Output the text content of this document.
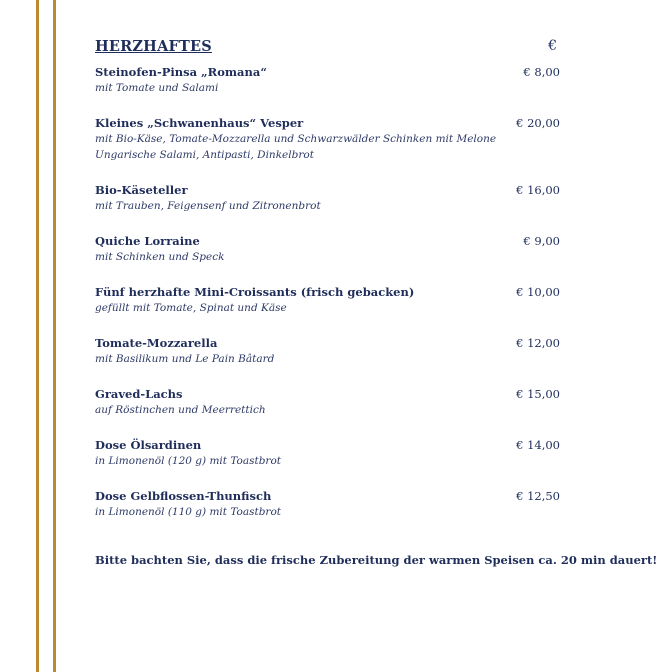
HERZHAFTES	€
Steinofen-Pinsa „Romana“	€ 8,00
mit Tomate und Salami
Kleines „Schwanenhaus“ Vesper	€ 20,00
mit Bio-Käse, Tomate-Mozzarella und Schwarzwälder Schinken mit Melone
Ungarische Salami, Antipasti, Dinkelbrot
Bio-Käseteller	€ 16,00
mit Trauben, Feigensenf und Zitronenbrot
Quiche Lorraine	€ 9,00
mit Schinken und Speck
Fünf herzhafte Mini-Croissants (frisch gebacken)	€ 10,00
gefüllt mit Tomate, Spinat und Käse
Tomate-Mozzarella	€ 12,00
mit Basilikum und Le Pain Bâtard
Graved-Lachs	€ 15,00
auf Röstinchen und Meerrettich
Dose Ölsardinen	€ 14,00
in Limonenöl (120 g) mit Toastbrot
Dose Gelbflossen-Thunfisch	€ 12,50
in Limonenöl (110 g) mit Toastbrot
Bitte bachten Sie, dass die frische Zubereitung der warmen Speisen ca. 20 min dauert!
